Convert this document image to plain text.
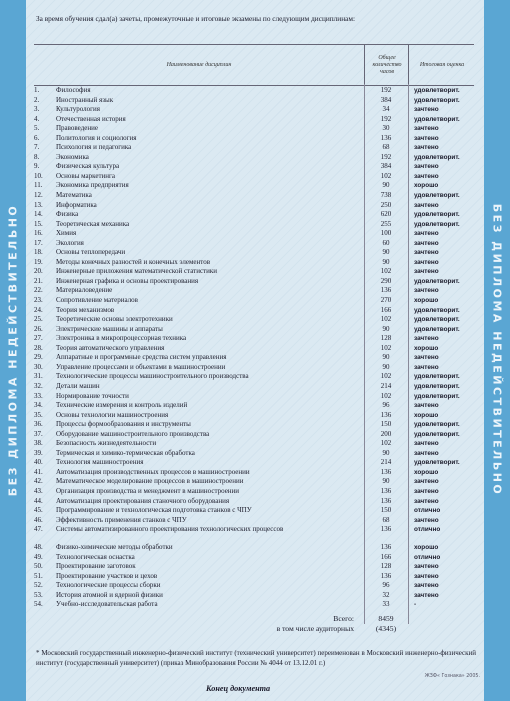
БЕЗ ДИПЛОМА НЕДЕЙСТВИТЕЛЬНО	БЕЗ ДИПЛОМА НЕДЕЙСТВИТЕЛЬНО
За время обучения сдал(а) зачеты, промежуточные и итоговые экзамены по следующим дисциплинам:
Наименование дисциплин
Общее количество часов
Итоговая оценка
1.	Философия	192	удовлетворит.
2.	Иностранный язык	384	удовлетворит.
3.	Культурология	34	зачтено
4.	Отечественная история	192	удовлетворит.
5.	Правоведение	30	зачтено
6.	Политология и социология	136	зачтено
7.	Психология и педагогика	68	зачтено
8.	Экономика	192	удовлетворит.
9.	Физическая культура	384	зачтено
10.	Основы маркетинга	102	зачтено
11.	Экономика предприятия	90	хорошо
12.	Математика	738	удовлетворит.
13.	Информатика	250	зачтено
14.	Физика	620	удовлетворит.
15.	Теоретическая механика	255	удовлетворит.
16.	Химия	100	зачтено
17.	Экология	60	зачтено
18.	Основы теплопередачи	90	зачтено
19.	Методы конечных разностей и конечных элементов	90	зачтено
20.	Инженерные приложения математической статистики	102	зачтено
21.	Инженерная графика и основы проектирования	290	удовлетворит.
22.	Материаловедение	136	зачтено
23.	Сопротивление материалов	270	хорошо
24.	Теория механизмов	166	удовлетворит.
25.	Теоретические основы электротехники	102	удовлетворит.
26.	Электрические машины и аппараты	90	удовлетворит.
27.	Электроника в микропроцессорная техника	128	зачтено
28.	Теория автоматического управления	102	хорошо
29.	Аппаратные и программные средства систем управления	90	зачтено
30.	Управление процессами и объектами в машиностроении	90	зачтено
31.	Технологические процессы машиностроительного производства	102	удовлетворит.
32.	Детали машин	214	удовлетворит.
33.	Нормирование точности	102	удовлетворит.
34.	Технические измерения и контроль изделий	96	зачтено
35.	Основы технологии машиностроения	136	хорошо
36.	Процессы формообразования и инструменты	150	удовлетворит.
37.	Оборудование машиностроительного производства	200	удовлетворит.
38.	Безопасность жизнедеятельности	102	зачтено
39.	Термическая и химико-термическая обработка	90	зачтено
40.	Технология машиностроения	214	удовлетворит.
41.	Автоматизация производственных процессов в машиностроении	136	хорошо
42.	Математическое моделирование процессов в машиностроении	90	зачтено
43.	Организация производства и менеджмент в машиностроении	136	зачтено
44.	Автоматизация проектирования станочного оборудования	136	зачтено
45.	Программирование и технологическая подготовка станков с ЧПУ	150	отлично
46.	Эффективность применения станков с ЧПУ	68	зачтено
47.	Системы автоматизированного проектирования технологических процессов	136	отлично
48.	Физико-химические методы обработки	136	хорошо
49.	Технологическая оснастка	166	отлично
50.	Проектирование заготовок	128	зачтено
51.	Проектирование участков и цехов	136	зачтено
52.	Технологические процессы сборки	96	зачтено
53.	История атомной и ядерной физики	32	зачтено
54.	Учебно-исследовательская работа	33	-
Всего:	8459
в том числе аудиторных	(4345)
* Московский государственный инженерно-физический институт (технический университет) переименован в Московский инженерно-физический институт (государственный университет) (приказ Минобразования России № 4044 от 13.12.01 г.)
Конец документа
ЖЗФ« Гознака» 2005.
